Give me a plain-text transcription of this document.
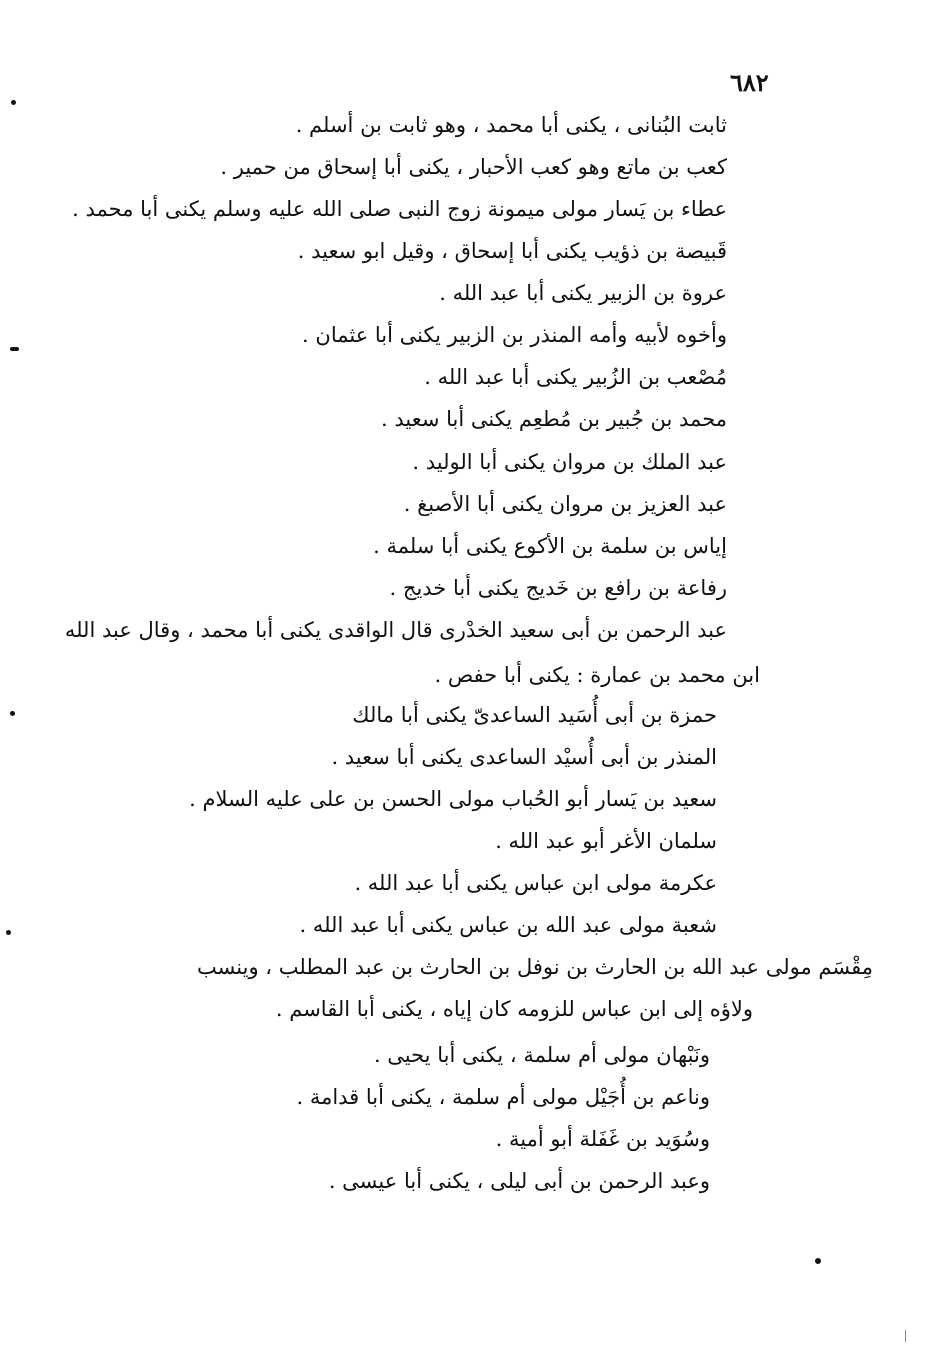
٦٨٢
ثابت البُنانى ، يكنى أبا محمد ، وهو ثابت بن أسلم .
كعب بن ماتع وهو كعب الأحبار ، يكنى أبا إسحاق من حمير .
عطاء بن يَسار مولى ميمونة زوج النبى صلى الله عليه وسلم يكنى أبا محمد .
قَبيصة بن ذؤيب يكنى أبا إسحاق ، وقيل ابو سعيد .
عروة بن الزبير يكنى أبا عبد الله .
وأخوه لأبيه وأمه المنذر بن الزبير يكنى أبا عثمان .
مُصْعب بن الزُبير يكنى أبا عبد الله .
محمد بن جُبير بن مُطعِم يكنى أبا سعيد .
عبد الملك بن مروان يكنى أبا الوليد .
عبد العزيز بن مروان يكنى أبا الأصبغ .
إياس بن سلمة بن الأكوع يكنى أبا سلمة .
رفاعة بن رافع بن خَديج يكنى أبا خديج .
عبد الرحمن بن أبى سعيد الخدْرى قال الواقدى يكنى أبا محمد ، وقال عبد الله
ابن محمد بن عمارة : يكنى أبا حفص .
حمزة بن أبى أُسَيد الساعدىّ يكنى أبا مالك
المنذر بن أبى أُسيْد الساعدى يكنى أبا سعيد .
سعيد بن يَسار أبو الحُباب مولى الحسن بن على عليه السلام .
سلمان الأغر أبو عبد الله .
عكرمة مولى ابن عباس يكنى أبا عبد الله .
شعبة مولى عبد الله بن عباس يكنى أبا عبد الله .
مِقْسَم مولى عبد الله بن الحارث بن نوفل بن الحارث بن عبد المطلب ، وينسب
ولاؤه إلى ابن عباس للزومه كان إياه ، يكنى أبا القاسم .
ونَبْهان مولى أم سلمة ، يكنى أبا يحيى .
وناعم بن أُجَيْل مولى أم سلمة ، يكنى أبا قدامة .
وسُوَيد بن غَفَلة أبو أمية .
وعبد الرحمن بن أبى ليلى ، يكنى أبا عيسى .
